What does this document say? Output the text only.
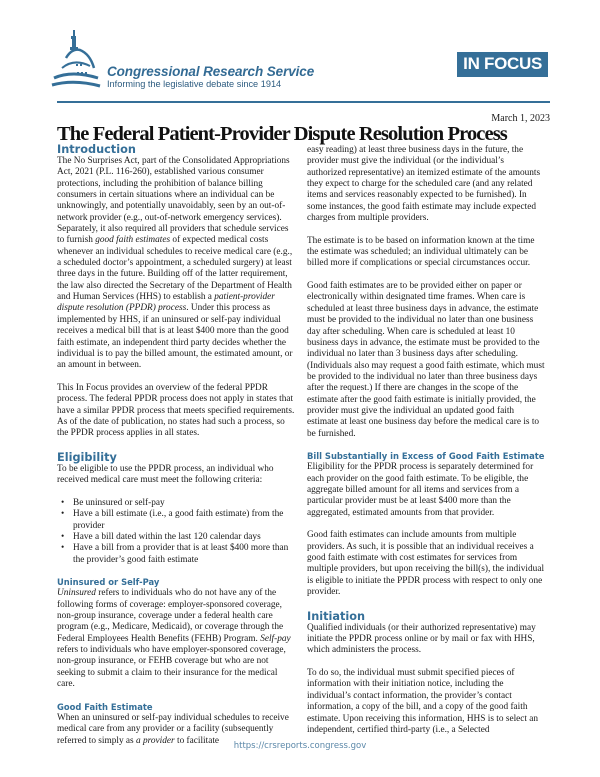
Congressional Research Service
Informing the legislative debate since 1914
IN FOCUS
March 1, 2023
The Federal Patient-Provider Dispute Resolution Process
Introduction

The No Surprises Act, part of the Consolidated Appropriations Act, 2021 (P.L. 116-260), established various consumer protections, including the prohibition of balance billing consumers in certain situations where an individual can be unknowingly, and potentially unavoidably, seen by an out-of-network provider (e.g., out-of-network emergency services). Separately, it also required all providers that schedule services to furnish good faith estimates of expected medical costs whenever an individual schedules to receive medical care (e.g., a scheduled doctor’s appointment, a scheduled surgery) at least three days in the future. Building off of the latter requirement, the law also directed the Secretary of the Department of Health and Human Services (HHS) to establish a patient-provider dispute resolution (PPDR) process. Under this process as implemented by HHS, if an uninsured or self-pay individual receives a medical bill that is at least $400 more than the good faith estimate, an independent third party decides whether the individual is to pay the billed amount, the estimated amount, or an amount in between.

This In Focus provides an overview of the federal PPDR process. The federal PPDR process does not apply in states that have a similar PPDR process that meets specified requirements. As of the date of publication, no states had such a process, so the PPDR process applies in all states.

Eligibility

To be eligible to use the PPDR process, an individual who received medical care must meet the following criteria:

• Be uninsured or self-pay
• Have a bill estimate (i.e., a good faith estimate) from the provider
• Have a bill dated within the last 120 calendar days
• Have a bill from a provider that is at least $400 more than the provider’s good faith estimate
Uninsured or Self-Pay

Uninsured refers to individuals who do not have any of the following forms of coverage: employer-sponsored coverage, non-group insurance, coverage under a federal health care program (e.g., Medicare, Medicaid), or coverage through the Federal Employees Health Benefits (FEHB) Program. Self-pay refers to individuals who have employer-sponsored coverage, non-group insurance, or FEHB coverage but who are not seeking to submit a claim to their insurance for the medical care.

Good Faith Estimate

When an uninsured or self-pay individual schedules to receive medical care from any provider or a facility (subsequently referred to simply as a provider to facilitate

easy reading) at least three business days in the future, the provider must give the individual (or the individual’s authorized representative) an itemized estimate of the amounts they expect to charge for the scheduled care (and any related items and services reasonably expected to be furnished). In some instances, the good faith estimate may include expected charges from multiple providers.

The estimate is to be based on information known at the time the estimate was scheduled; an individual ultimately can be billed more if complications or special circumstances occur.

Good faith estimates are to be provided either on paper or electronically within designated time frames. When care is scheduled at least three business days in advance, the estimate must be provided to the individual no later than one business day after scheduling. When care is scheduled at least 10 business days in advance, the estimate must be provided to the individual no later than 3 business days after scheduling. (Individuals also may request a good faith estimate, which must be provided to the individual no later than three business days after the request.) If there are changes in the scope of the estimate after the good faith estimate is initially provided, the provider must give the individual an updated good faith estimate at least one business day before the medical care is to be furnished.

Bill Substantially in Excess of Good Faith Estimate

Eligibility for the PPDR process is separately determined for each provider on the good faith estimate. To be eligible, the aggregate billed amount for all items and services from a particular provider must be at least $400 more than the aggregated, estimated amounts from that provider.

Good faith estimates can include amounts from multiple providers. As such, it is possible that an individual receives a good faith estimate with cost estimates for services from multiple providers, but upon receiving the bill(s), the individual is eligible to initiate the PPDR process with respect to only one provider.

Initiation

Qualified individuals (or their authorized representative) may initiate the PPDR process online or by mail or fax with HHS, which administers the process.

To do so, the individual must submit specified pieces of information with their initiation notice, including the individual’s contact information, the provider’s contact information, a copy of the bill, and a copy of the good faith estimate. Upon receiving this information, HHS is to select an independent, certified third-party (i.e., a Selected

https://crsreports.congress.gov
